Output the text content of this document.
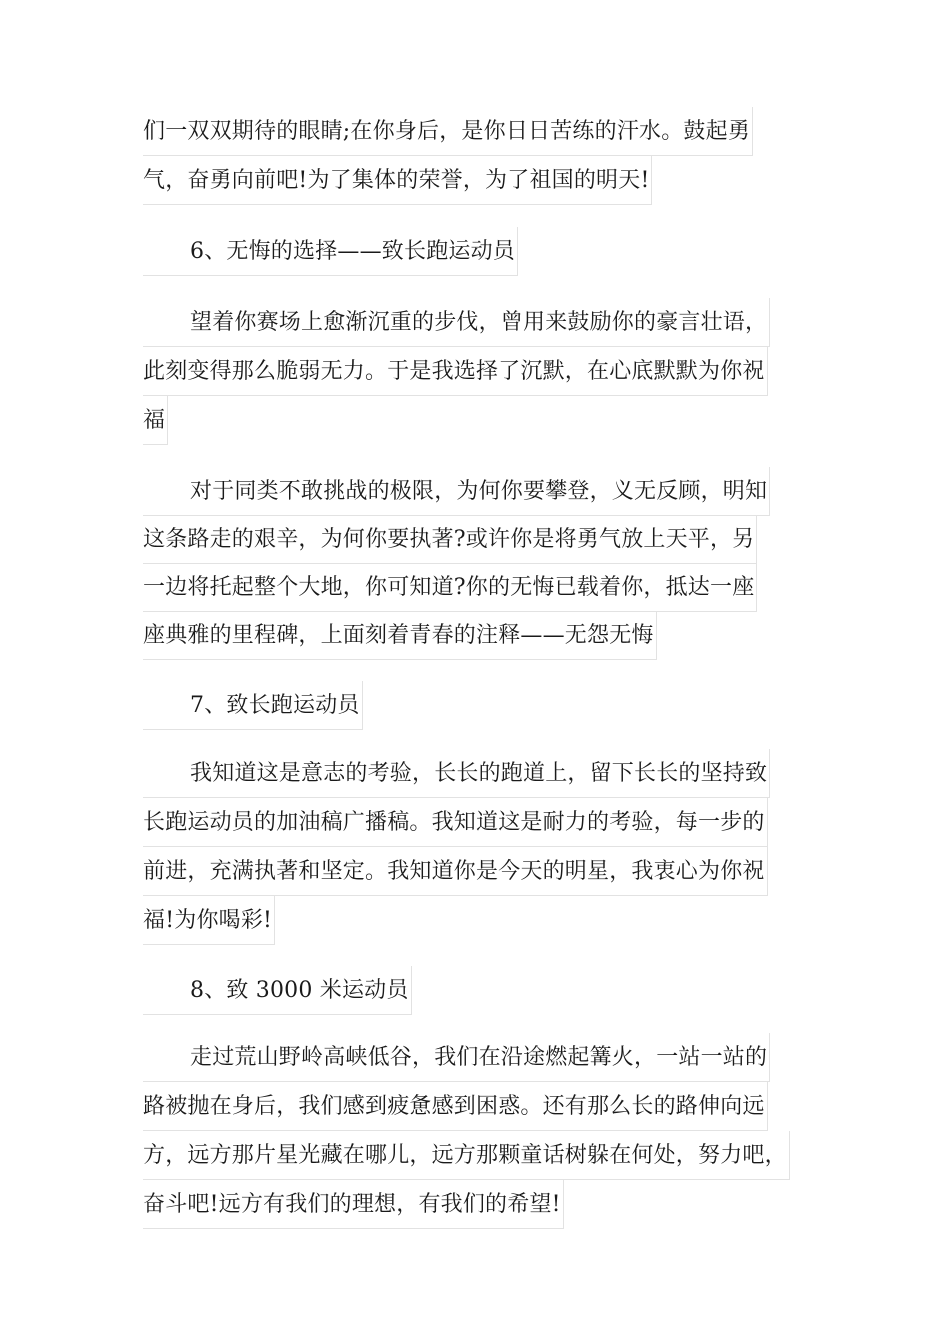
们一双双期待的眼睛;在你身后，是你日日苦练的汗水。鼓起勇
气，奋勇向前吧!为了集体的荣誉，为了祖国的明天!
6、无悔的选择——致长跑运动员
望着你赛场上愈渐沉重的步伐，曾用来鼓励你的豪言壮语，
此刻变得那么脆弱无力。于是我选择了沉默，在心底默默为你祝
福
对于同类不敢挑战的极限，为何你要攀登，义无反顾，明知
这条路走的艰辛，为何你要执著?或许你是将勇气放上天平，另
一边将托起整个大地，你可知道?你的无悔已载着你，抵达一座
座典雅的里程碑，上面刻着青春的注释——无怨无悔
7、致长跑运动员
我知道这是意志的考验，长长的跑道上，留下长长的坚持致
长跑运动员的加油稿广播稿。我知道这是耐力的考验，每一步的
前进，充满执著和坚定。我知道你是今天的明星，我衷心为你祝
福!为你喝彩!
8、致 3000 米运动员
走过荒山野岭高峡低谷，我们在沿途燃起篝火，一站一站的
路被抛在身后，我们感到疲惫感到困惑。还有那么长的路伸向远
方，远方那片星光藏在哪儿，远方那颗童话树躲在何处，努力吧，
奋斗吧!远方有我们的理想，有我们的希望!
